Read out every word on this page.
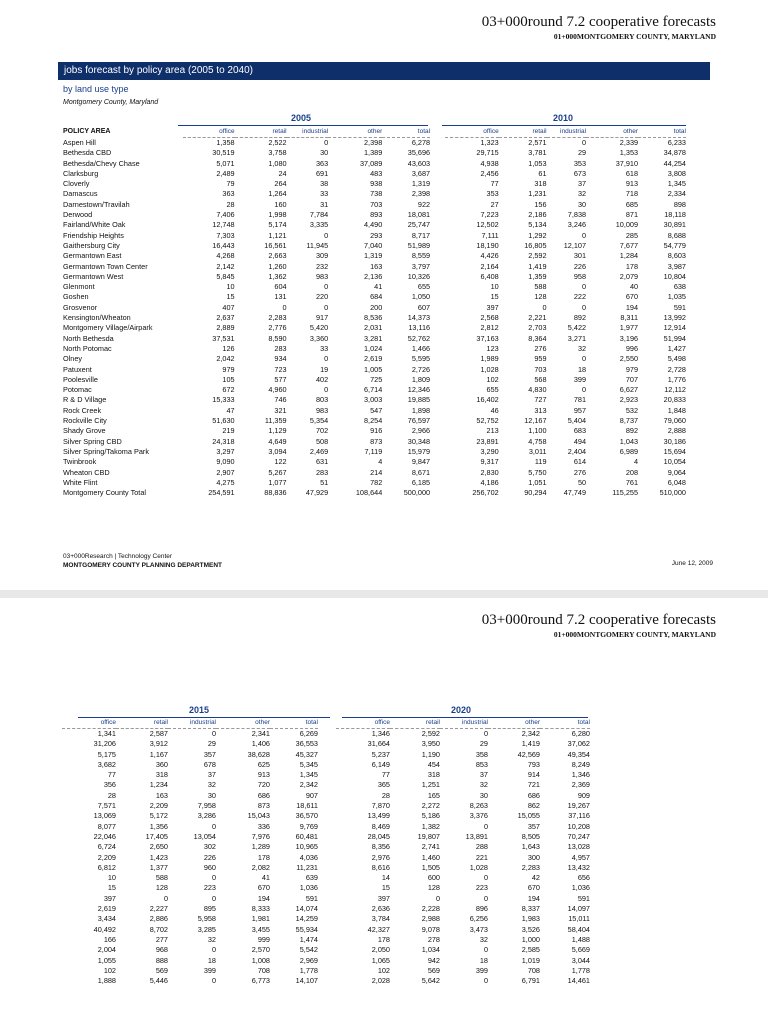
03+000round 7.2 cooperative forecasts
01+000MONTGOMERY COUNTY, MARYLAND
jobs forecast by policy area (2005 to 2040)
by land use type
Montgomery County, Maryland
2005	2010
POLICY AREA	office	retail	industrial	other	total		office	retail	industrial	other	total
Aspen Hill	1,358	2,522	0	2,398	6,278		1,323	2,571	0	2,339	6,233
Bethesda CBD	30,519	3,758	30	1,389	35,696		29,715	3,781	29	1,353	34,878
Bethesda/Chevy Chase	5,071	1,080	363	37,089	43,603		4,938	1,053	353	37,910	44,254
Clarksburg	2,489	24	691	483	3,687		2,456	61	673	618	3,808
Cloverly	79	264	38	938	1,319		77	318	37	913	1,345
Damascus	363	1,264	33	738	2,398		353	1,231	32	718	2,334
Darnestown/Travilah	28	160	31	703	922		27	156	30	685	898
Derwood	7,406	1,998	7,784	893	18,081		7,223	2,186	7,838	871	18,118
Fairland/White Oak	12,748	5,174	3,335	4,490	25,747		12,502	5,134	3,246	10,009	30,891
Friendship Heights	7,303	1,121	0	293	8,717		7,111	1,292	0	285	8,688
Gaithersburg City	16,443	16,561	11,945	7,040	51,989		18,190	16,805	12,107	7,677	54,779
Germantown East	4,268	2,663	309	1,319	8,559		4,426	2,592	301	1,284	8,603
Germantown Town Center	2,142	1,260	232	163	3,797		2,164	1,419	226	178	3,987
Germantown West	5,845	1,362	983	2,136	10,326		6,408	1,359	958	2,079	10,804
Glenmont	10	604	0	41	655		10	588	0	40	638
Goshen	15	131	220	684	1,050		15	128	222	670	1,035
Grosvenor	407	0	0	200	607		397	0	0	194	591
Kensington/Wheaton	2,637	2,283	917	8,536	14,373		2,568	2,221	892	8,311	13,992
Montgomery Village/Airpark	2,889	2,776	5,420	2,031	13,116		2,812	2,703	5,422	1,977	12,914
North Bethesda	37,531	8,590	3,360	3,281	52,762		37,163	8,364	3,271	3,196	51,994
North Potomac	126	283	33	1,024	1,466		123	276	32	996	1,427
Olney	2,042	934	0	2,619	5,595		1,989	959	0	2,550	5,498
Patuxent	979	723	19	1,005	2,726		1,028	703	18	979	2,728
Poolesville	105	577	402	725	1,809		102	568	399	707	1,776
Potomac	672	4,960	0	6,714	12,346		655	4,830	0	6,627	12,112
R & D Village	15,333	746	803	3,003	19,885		16,402	727	781	2,923	20,833
Rock Creek	47	321	983	547	1,898		46	313	957	532	1,848
Rockville City	51,630	11,359	5,354	8,254	76,597		52,752	12,167	5,404	8,737	79,060
Shady Grove	219	1,129	702	916	2,966		213	1,100	683	892	2,888
Silver Spring CBD	24,318	4,649	508	873	30,348		23,891	4,758	494	1,043	30,186
Silver Spring/Takoma Park	3,297	3,094	2,469	7,119	15,979		3,290	3,011	2,404	6,989	15,694
Twinbrook	9,090	122	631	4	9,847		9,317	119	614	4	10,054
Wheaton CBD	2,907	5,267	283	214	8,671		2,830	5,750	276	208	9,064
White Flint	4,275	1,077	51	782	6,185		4,186	1,051	50	761	6,048
Montgomery County Total	254,591	88,836	47,929	108,644	500,000		256,702	90,294	47,749	115,255	510,000
03+000Research | Technology Center
MONTGOMERY COUNTY PLANNING DEPARTMENT	June 12, 2009
03+000round 7.2 cooperative forecasts
01+000MONTGOMERY COUNTY, MARYLAND
2015	2020
office	retail	industrial	other	total		office	retail	industrial	other	total
1,341	2,587	0	2,341	6,269		1,346	2,592	0	2,342	6,280
31,206	3,912	29	1,406	36,553		31,664	3,950	29	1,419	37,062
5,175	1,167	357	38,628	45,327		5,237	1,190	358	42,569	49,354
3,682	360	678	625	5,345		6,149	454	853	793	8,249
77	318	37	913	1,345		77	318	37	914	1,346
356	1,234	32	720	2,342		365	1,251	32	721	2,369
28	163	30	686	907		28	165	30	686	909
7,571	2,209	7,958	873	18,611		7,870	2,272	8,263	862	19,267
13,069	5,172	3,286	15,043	36,570		13,499	5,186	3,376	15,055	37,116
8,077	1,356	0	336	9,769		8,469	1,382	0	357	10,208
22,046	17,405	13,054	7,976	60,481		28,045	19,807	13,891	8,505	70,247
6,724	2,650	302	1,289	10,965		8,356	2,741	288	1,643	13,028
2,209	1,423	226	178	4,036		2,976	1,460	221	300	4,957
6,812	1,377	960	2,082	11,231		8,616	1,505	1,028	2,283	13,432
10	588	0	41	639		14	600	0	42	656
15	128	223	670	1,036		15	128	223	670	1,036
397	0	0	194	591		397	0	0	194	591
2,619	2,227	895	8,333	14,074		2,636	2,228	896	8,337	14,097
3,434	2,886	5,958	1,981	14,259		3,784	2,988	6,256	1,983	15,011
40,492	8,702	3,285	3,455	55,934		42,327	9,078	3,473	3,526	58,404
166	277	32	999	1,474		178	278	32	1,000	1,488
2,004	968	0	2,570	5,542		2,050	1,034	0	2,585	5,669
1,055	888	18	1,008	2,969		1,065	942	18	1,019	3,044
102	569	399	708	1,778		102	569	399	708	1,778
1,888	5,446	0	6,773	14,107		2,028	5,642	0	6,791	14,461
